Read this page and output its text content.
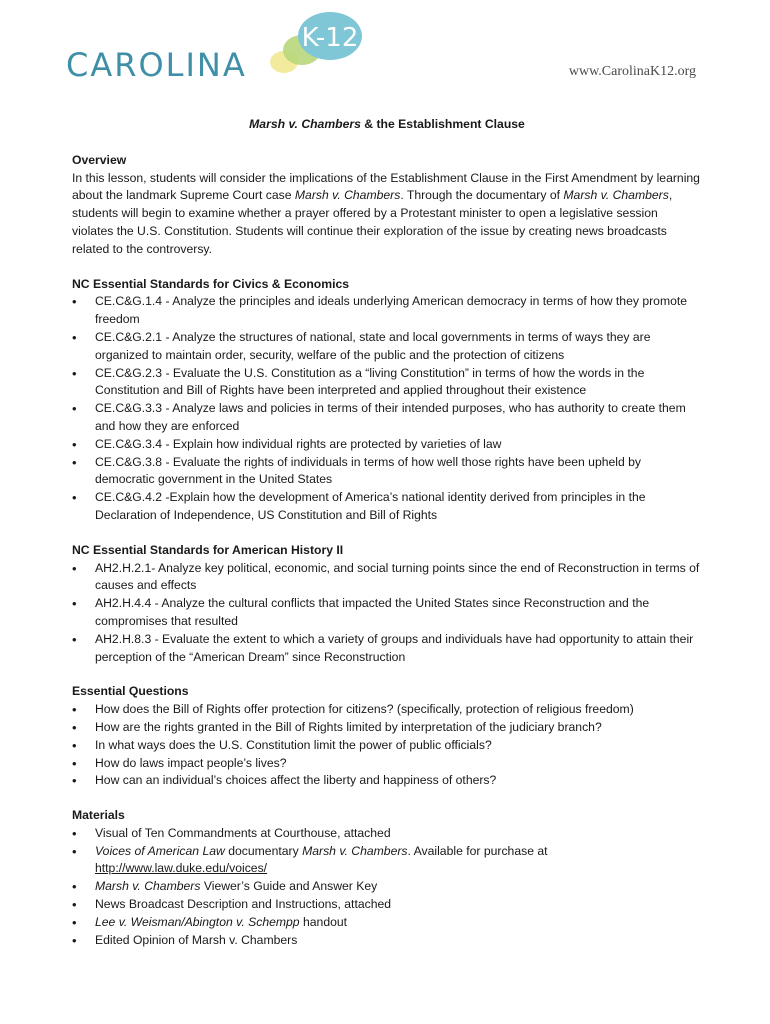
CAROLINA
K-12
www.CarolinaK12.org
Marsh v. Chambers & the Establishment Clause
Overview

In this lesson, students will consider the implications of the Establishment Clause in the First Amendment by learning about the landmark Supreme Court case Marsh v. Chambers. Through the documentary of Marsh v. Chambers, students will begin to examine whether a prayer offered by a Protestant minister to open a legislative session violates the U.S. Constitution. Students will continue their exploration of the issue by creating news broadcasts related to the controversy.

NC Essential Standards for Civics & Economics
• CE.C&G.1.4 - Analyze the principles and ideals underlying American democracy in terms of how they promote freedom
• CE.C&G.2.1 - Analyze the structures of national, state and local governments in terms of ways they are organized to maintain order, security, welfare of the public and the protection of citizens
• CE.C&G.2.3 - Evaluate the U.S. Constitution as a “living Constitution” in terms of how the words in the Constitution and Bill of Rights have been interpreted and applied throughout their existence
• CE.C&G.3.3 - Analyze laws and policies in terms of their intended purposes, who has authority to create them and how they are enforced
• CE.C&G.3.4 - Explain how individual rights are protected by varieties of law
• CE.C&G.3.8 - Evaluate the rights of individuals in terms of how well those rights have been upheld by democratic government in the United States
• CE.C&G.4.2 -Explain how the development of America’s national identity derived from principles in the Declaration of Independence, US Constitution and Bill of Rights
NC Essential Standards for American History II
• AH2.H.2.1- Analyze key political, economic, and social turning points since the end of Reconstruction in terms of causes and effects
• AH2.H.4.4 - Analyze the cultural conflicts that impacted the United States since Reconstruction and the compromises that resulted
• AH2.H.8.3 - Evaluate the extent to which a variety of groups and individuals have had opportunity to attain their perception of the “American Dream” since Reconstruction
Essential Questions
• How does the Bill of Rights offer protection for citizens? (specifically, protection of religious freedom)
• How are the rights granted in the Bill of Rights limited by interpretation of the judiciary branch?
• In what ways does the U.S. Constitution limit the power of public officials?
• How do laws impact people’s lives?
• How can an individual’s choices affect the liberty and happiness of others?
Materials
• Visual of Ten Commandments at Courthouse, attached
• Voices of American Law documentary Marsh v. Chambers. Available for purchase at http://www.law.duke.edu/voices/
• Marsh v. Chambers Viewer’s Guide and Answer Key
• News Broadcast Description and Instructions, attached
• Lee v. Weisman/Abington v. Schempp handout
• Edited Opinion of Marsh v. Chambers
